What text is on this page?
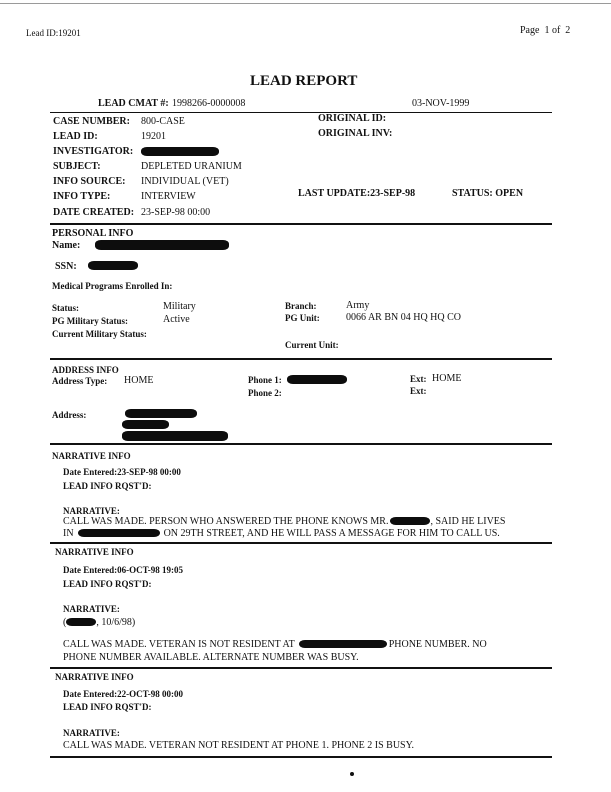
Lead ID:19201	Page 1 of 2
LEAD REPORT
LEAD CMAT #: 1998266-0000008	03-NOV-1999
CASE NUMBER: 800-CASE	ORIGINAL ID:
LEAD ID:	19201	ORIGINAL INV:
INVESTIGATOR:
SUBJECT:	DEPLETED URANIUM
INFO SOURCE: INDIVIDUAL (VET)
INFO TYPE:	INTERVIEW	LAST UPDATE:23-SEP-98	STATUS: OPEN
DATE CREATED: 23-SEP-98 00:00
PERSONAL INFO
Name:
SSN:
Medical Programs Enrolled In:
Status:	Military	Branch:	Army
PG Military Status:	Active	PG Unit:	0066 AR BN 04 HQ HQ CO
Current Military Status:
Current Unit:
ADDRESS INFO
Address Type: HOME	Phone 1:
Phone 2:
Ext: HOME
Ext:
Address:
NARRATIVE INFO
Date Entered:23-SEP-98 00:00
LEAD INFO RQST'D:
NARRATIVE:
CALL WAS MADE. PERSON WHO ANSWERED THE PHONE KNOWS MR.	, SAID HE LIVES
IN	ON 29TH STREET, AND HE WILL PASS A MESSAGE FOR HIM TO CALL US.
NARRATIVE INFO
Date Entered:06-OCT-98 19:05
LEAD INFO RQST'D:
NARRATIVE:
(	, 10/6/98)
CALL WAS MADE. VETERAN IS NOT RESIDENT AT	PHONE NUMBER. NO
PHONE NUMBER AVAILABLE. ALTERNATE NUMBER WAS BUSY.
NARRATIVE INFO
Date Entered:22-OCT-98 00:00
LEAD INFO RQST'D:
NARRATIVE:
CALL WAS MADE. VETERAN NOT RESIDENT AT PHONE 1. PHONE 2 IS BUSY.
